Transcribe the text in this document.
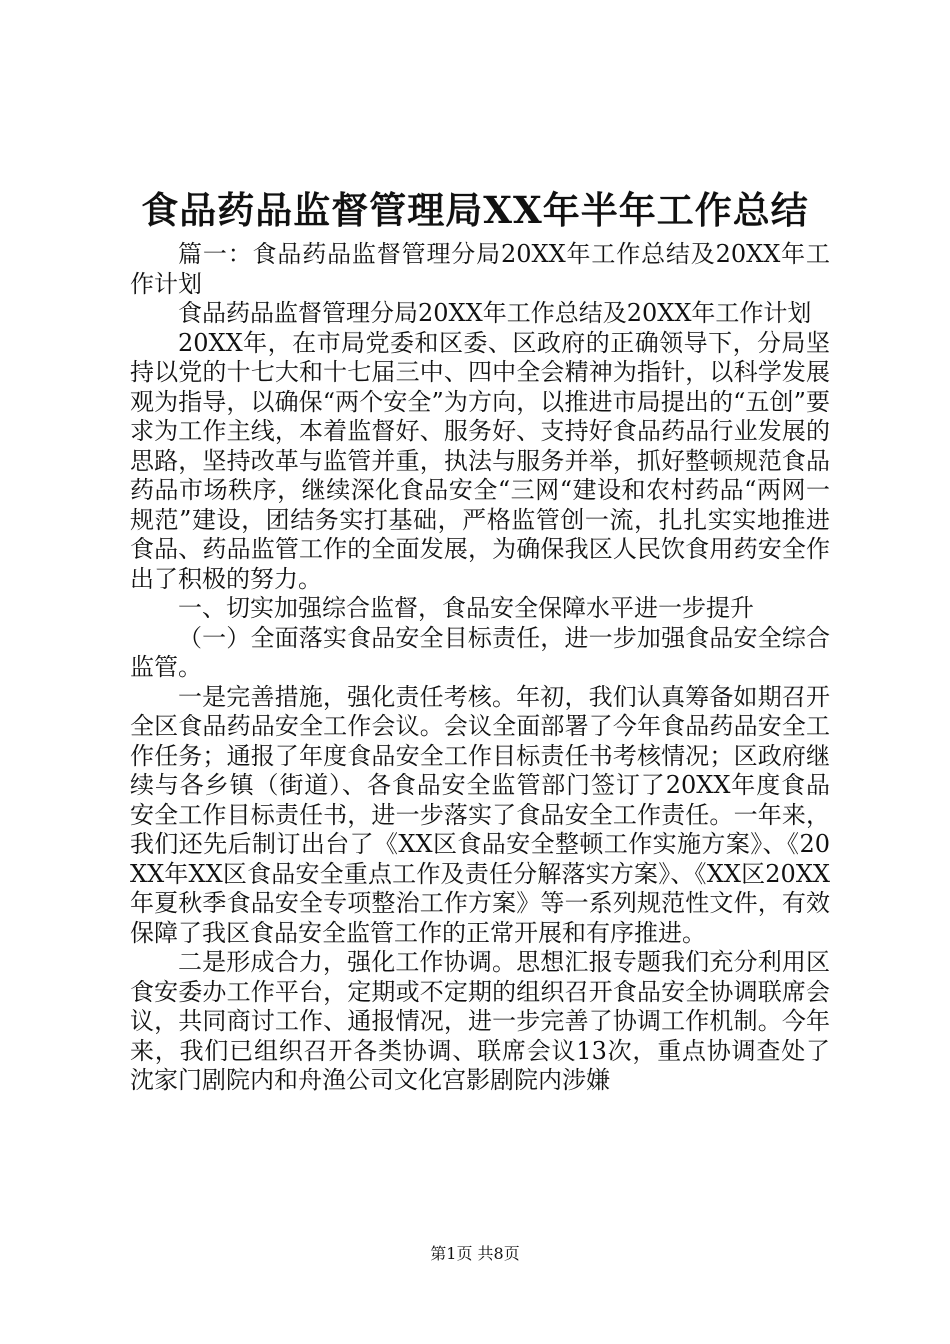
食品药品监督管理局XX年半年工作总结

篇一：食品药品监督管理分局20XX年工作总结及20XX年工作计划

食品药品监督管理分局20XX年工作总结及20XX年工作计划

20XX年，在市局党委和区委、区政府的正确领导下，分局坚持以党的十七大和十七届三中、四中全会精神为指针，以科学发展观为指导，以确保“两个安全”为方向，以推进市局提出的“五创”要求为工作主线，本着监督好、服务好、支持好食品药品行业发展的思路，坚持改革与监管并重，执法与服务并举，抓好整顿规范食品药品市场秩序，继续深化食品安全“三网“建设和农村药品“两网一规范”建设，团结务实打基础，严格监管创一流，扎扎实实地推进食品、药品监管工作的全面发展，为确保我区人民饮食用药安全作出了积极的努力。

一、切实加强综合监督，食品安全保障水平进一步提升

（一）全面落实食品安全目标责任，进一步加强食品安全综合监管。

一是完善措施，强化责任考核。年初，我们认真筹备如期召开全区食品药品安全工作会议。会议全面部署了今年食品药品安全工作任务；通报了年度食品安全工作目标责任书考核情况；区政府继续与各乡镇（街道）、各食品安全监管部门签订了20XX年度食品安全工作目标责任书，进一步落实了食品安全工作责任。一年来，我们还先后制订出台了《XX区食品安全整顿工作实施方案》、《20XX年XX区食品安全重点工作及责任分解落实方案》、《XX区20XX年夏秋季食品安全专项整治工作方案》等一系列规范性文件，有效保障了我区食品安全监管工作的正常开展和有序推进。

二是形成合力，强化工作协调。思想汇报专题我们充分利用区食安委办工作平台，定期或不定期的组织召开食品安全协调联席会议，共同商讨工作、通报情况，进一步完善了协调工作机制。今年来，我们已组织召开各类协调、联席会议13次，重点协调查处了沈家门剧院内和舟渔公司文化宫影剧院内涉嫌

第1页 共8页
